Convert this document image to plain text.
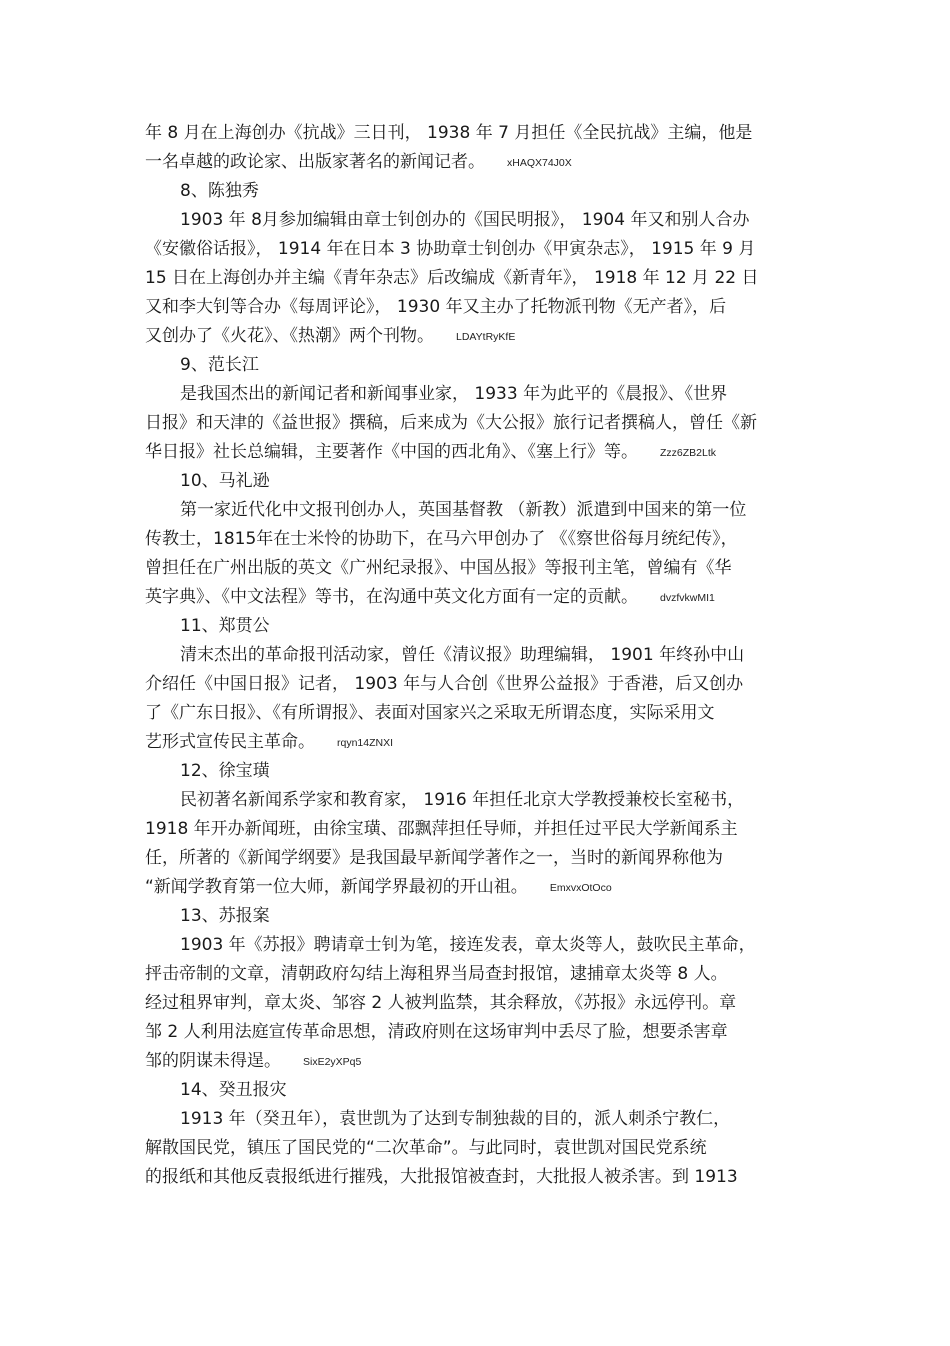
年 8 月在上海创办《抗战》三日刊， 1938 年 7 月担任《全民抗战》主编，他是
一名卓越的政论家、出版家著名的新闻记者。 xHAQX74J0X
8、陈独秀
1903 年 8月参加编辑由章士钊创办的《国民明报》， 1904 年又和别人合办
《安徽俗话报》， 1914 年在日本 3 协助章士钊创办《甲寅杂志》， 1915 年 9 月
15 日在上海创办并主编《青年杂志》后改编成《新青年》， 1918 年 12 月 22 日
又和李大钊等合办《每周评论》， 1930 年又主办了托物派刊物《无产者》，后
又创办了《火花》、《热潮》两个刊物。 LDAYtRyKfE
9、范长江
是我国杰出的新闻记者和新闻事业家， 1933 年为此平的《晨报》、《世界
日报》和天津的《益世报》撰稿，后来成为《大公报》旅行记者撰稿人，曾任《新
华日报》社长总编辑，主要著作《中国的西北角》、《塞上行》等。 Zzz6ZB2Ltk
10、马礼逊
第一家近代化中文报刊创办人，英国基督教 （新教）派遣到中国来的第一位
传教士，1815年在士米怜的协助下，在马六甲创办了 《《察世俗每月统纪传》，
曾担任在广州出版的英文《广州纪录报》、中国丛报》等报刊主笔，曾编有《华
英字典》、《中文法程》等书，在沟通中英文化方面有一定的贡献。 dvzfvkwMI1
11、郑贯公
清末杰出的革命报刊活动家，曾任《清议报》助理编辑， 1901 年终孙中山
介绍任《中国日报》记者， 1903 年与人合创《世界公益报》于香港，后又创办
了《广东日报》、《有所谓报》、表面对国家兴之采取无所谓态度，实际采用文
艺形式宣传民主革命。 rqyn14ZNXI
12、徐宝璜
民初著名新闻系学家和教育家， 1916 年担任北京大学教授兼校长室秘书，
1918 年开办新闻班，由徐宝璜、邵飘萍担任导师，并担任过平民大学新闻系主
任，所著的《新闻学纲要》是我国最早新闻学著作之一，当时的新闻界称他为
“新闻学教育第一位大师，新闻学界最初的开山祖。 EmxvxOtOco
13、苏报案
1903 年《苏报》聘请章士钊为笔，接连发表，章太炎等人，鼓吹民主革命，
抨击帝制的文章，清朝政府勾结上海租界当局查封报馆，逮捕章太炎等 8 人。
经过租界审判，章太炎、邹容 2 人被判监禁，其余释放，《苏报》永远停刊。章
邹 2 人利用法庭宣传革命思想，清政府则在这场审判中丢尽了脸，想要杀害章
邹的阴谋未得逞。 SixE2yXPq5
14、癸丑报灾
1913 年（癸丑年），袁世凯为了达到专制独裁的目的，派人刺杀宁教仁，
解散国民党，镇压了国民党的“二次革命”。与此同时，袁世凯对国民党系统
的报纸和其他反袁报纸进行摧残，大批报馆被查封，大批报人被杀害。到 1913
